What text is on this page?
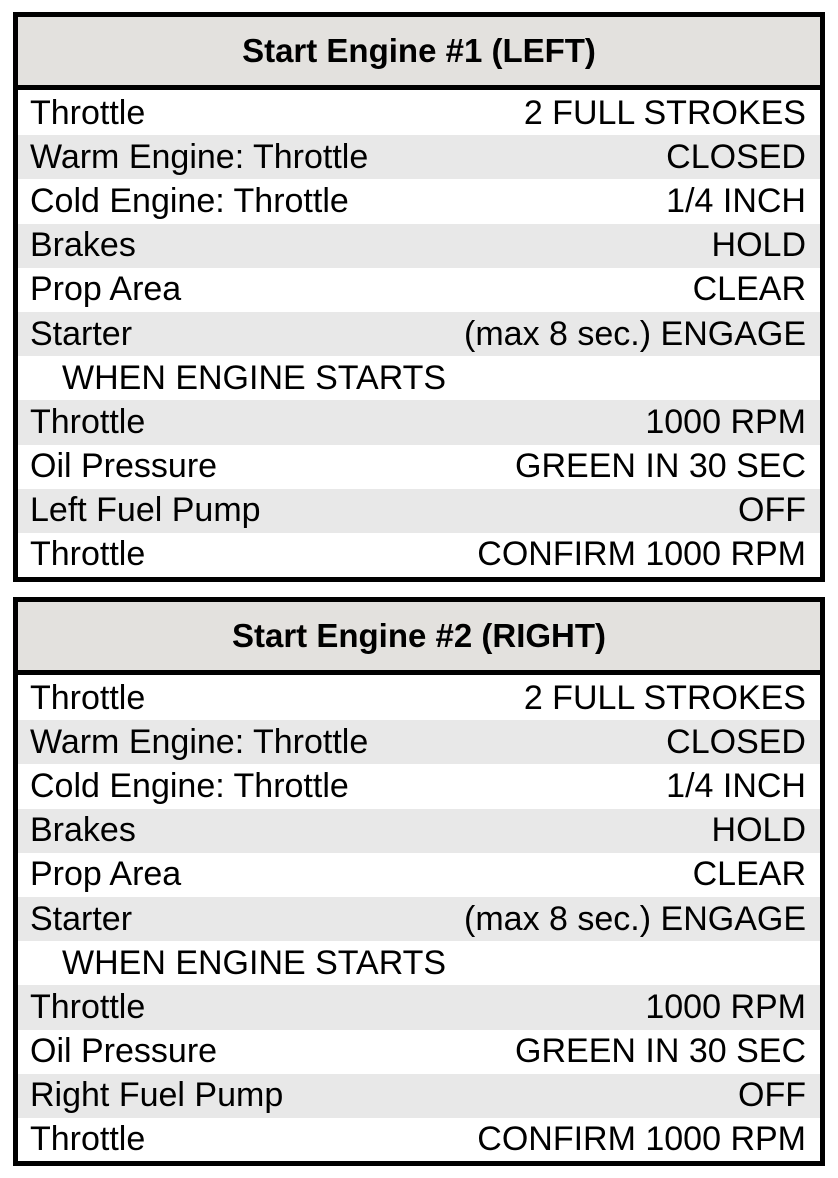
Start Engine #1 (LEFT)
Throttle	2 FULL STROKES
Warm Engine: Throttle	CLOSED
Cold Engine: Throttle	1/4 INCH
Brakes	HOLD
Prop Area	CLEAR
Starter	(max 8 sec.) ENGAGE
WHEN ENGINE STARTS
Throttle	1000 RPM
Oil Pressure	GREEN IN 30 SEC
Left Fuel Pump	OFF
Throttle	CONFIRM 1000 RPM
Start Engine #2 (RIGHT)
Throttle	2 FULL STROKES
Warm Engine: Throttle	CLOSED
Cold Engine: Throttle	1/4 INCH
Brakes	HOLD
Prop Area	CLEAR
Starter	(max 8 sec.) ENGAGE
WHEN ENGINE STARTS
Throttle	1000 RPM
Oil Pressure	GREEN IN 30 SEC
Right Fuel Pump	OFF
Throttle	CONFIRM 1000 RPM
